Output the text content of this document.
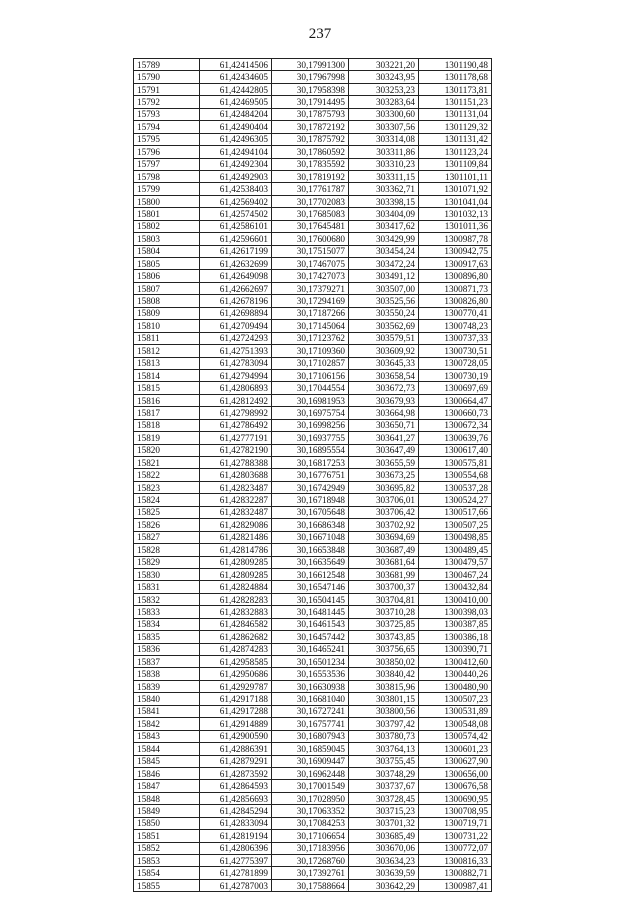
237
15789	61,42414506	30,17991300	303221,20	1301190,48
15790	61,42434605	30,17967998	303243,95	1301178,68
15791	61,42442805	30,17958398	303253,23	1301173,81
15792	61,42469505	30,17914495	303283,64	1301151,23
15793	61,42484204	30,17875793	303300,60	1301131,04
15794	61,42490404	30,17872192	303307,56	1301129,32
15795	61,42496305	30,17875792	303314,08	1301131,42
15796	61,42494104	30,17860592	303311,86	1301123,24
15797	61,42492304	30,17835592	303310,23	1301109,84
15798	61,42492903	30,17819192	303311,15	1301101,11
15799	61,42538403	30,17761787	303362,71	1301071,92
15800	61,42569402	30,17702083	303398,15	1301041,04
15801	61,42574502	30,17685083	303404,09	1301032,13
15802	61,42586101	30,17645481	303417,62	1301011,36
15803	61,42596601	30,17600680	303429,99	1300987,78
15804	61,42617199	30,17515077	303454,24	1300942,75
15805	61,42632699	30,17467075	303472,24	1300917,63
15806	61,42649098	30,17427073	303491,12	1300896,80
15807	61,42662697	30,17379271	303507,00	1300871,73
15808	61,42678196	30,17294169	303525,56	1300826,80
15809	61,42698894	30,17187266	303550,24	1300770,41
15810	61,42709494	30,17145064	303562,69	1300748,23
15811	61,42724293	30,17123762	303579,51	1300737,33
15812	61,42751393	30,17109360	303609,92	1300730,51
15813	61,42783094	30,17102857	303645,33	1300728,05
15814	61,42794994	30,17106156	303658,54	1300730,19
15815	61,42806893	30,17044554	303672,73	1300697,69
15816	61,42812492	30,16981953	303679,93	1300664,47
15817	61,42798992	30,16975754	303664,98	1300660,73
15818	61,42786492	30,16998256	303650,71	1300672,34
15819	61,42777191	30,16937755	303641,27	1300639,76
15820	61,42782190	30,16895554	303647,49	1300617,40
15821	61,42788388	30,16817253	303655,59	1300575,81
15822	61,42803688	30,16776751	303673,25	1300554,68
15823	61,42823487	30,16742949	303695,82	1300537,28
15824	61,42832287	30,16718948	303706,01	1300524,27
15825	61,42832487	30,16705648	303706,42	1300517,66
15826	61,42829086	30,16686348	303702,92	1300507,25
15827	61,42821486	30,16671048	303694,69	1300498,85
15828	61,42814786	30,16653848	303687,49	1300489,45
15829	61,42809285	30,16635649	303681,64	1300479,57
15830	61,42809285	30,16612548	303681,99	1300467,24
15831	61,42824884	30,16547146	303700,37	1300432,84
15832	61,42828283	30,16504145	303704,81	1300410,00
15833	61,42832883	30,16481445	303710,28	1300398,03
15834	61,42846582	30,16461543	303725,85	1300387,85
15835	61,42862682	30,16457442	303743,85	1300386,18
15836	61,42874283	30,16465241	303756,65	1300390,71
15837	61,42958585	30,16501234	303850,02	1300412,60
15838	61,42950686	30,16553536	303840,42	1300440,26
15839	61,42929787	30,16630938	303815,96	1300480,90
15840	61,42917188	30,16681040	303801,15	1300507,23
15841	61,42917288	30,16727241	303800,56	1300531,89
15842	61,42914889	30,16757741	303797,42	1300548,08
15843	61,42900590	30,16807943	303780,73	1300574,42
15844	61,42886391	30,16859045	303764,13	1300601,23
15845	61,42879291	30,16909447	303755,45	1300627,90
15846	61,42873592	30,16962448	303748,29	1300656,00
15847	61,42864593	30,17001549	303737,67	1300676,58
15848	61,42856693	30,17028950	303728,45	1300690,95
15849	61,42845294	30,17063352	303715,23	1300708,95
15850	61,42833094	30,17084253	303701,32	1300719,71
15851	61,42819194	30,17106654	303685,49	1300731,22
15852	61,42806396	30,17183956	303670,06	1300772,07
15853	61,42775397	30,17268760	303634,23	1300816,33
15854	61,42781899	30,17392761	303639,59	1300882,71
15855	61,42787003	30,17588664	303642,29	1300987,41
